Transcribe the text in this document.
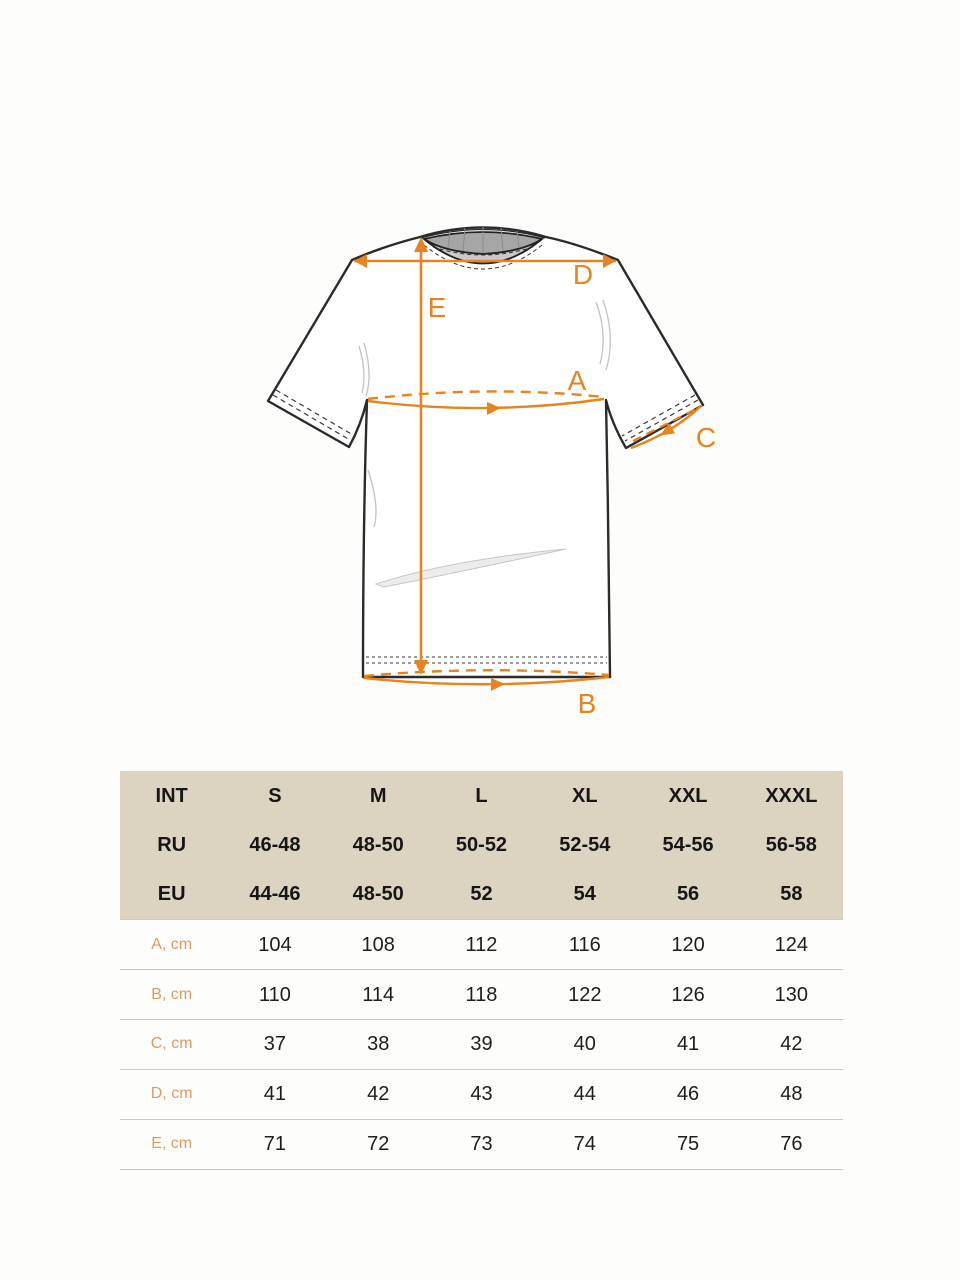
D
E
A
C
B
INT	S	M	L	XL	XXL	XXXL
RU	46-48	48-50	50-52	52-54	54-56	56-58
EU	44-46	48-50	52	54	56	58
A, cm	104	108	112	116	120	124
B, cm	110	114	118	122	126	130
C, cm	37	38	39	40	41	42
D, cm	41	42	43	44	46	48
E, cm	71	72	73	74	75	76
